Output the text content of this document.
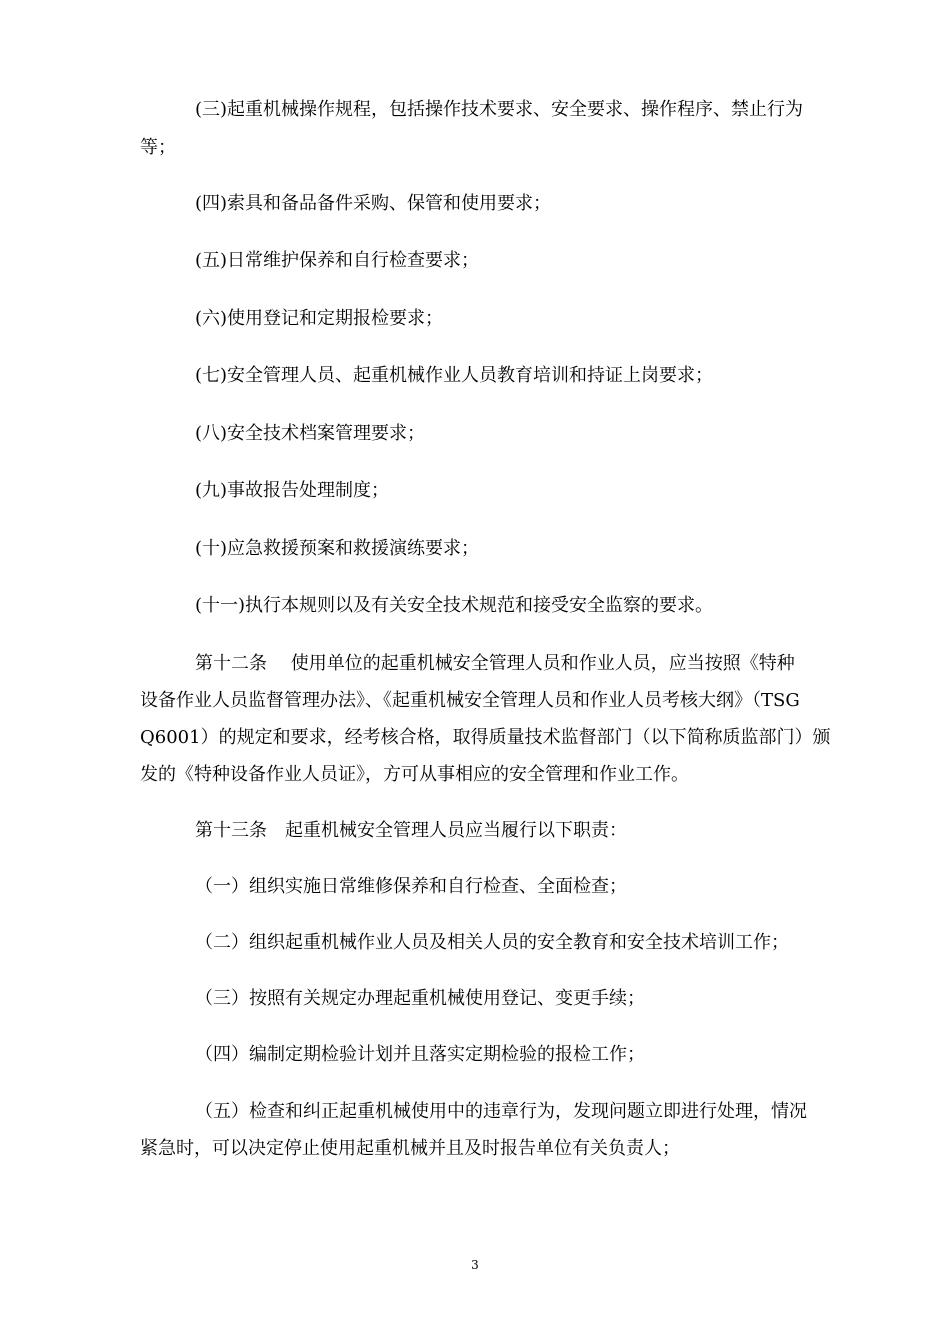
(三)起重机械操作规程，包括操作技术要求、安全要求、操作程序、禁止行为
等；
(四)索具和备品备件采购、保管和使用要求；
(五)日常维护保养和自行检查要求；
(六)使用登记和定期报检要求；
(七)安全管理人员、起重机械作业人员教育培训和持证上岗要求；
(八)安全技术档案管理要求；
(九)事故报告处理制度；
(十)应急救援预案和救援演练要求；
(十一)执行本规则以及有关安全技术规范和接受安全监察的要求。
第十二条　 使用单位的起重机械安全管理人员和作业人员，应当按照《特种
设备作业人员监督管理办法》、《起重机械安全管理人员和作业人员考核大纲》（TSG
Q6001）的规定和要求，经考核合格，取得质量技术监督部门（以下简称质监部门）颁
发的《特种设备作业人员证》，方可从事相应的安全管理和作业工作。
第十三条　起重机械安全管理人员应当履行以下职责：
（一）组织实施日常维修保养和自行检查、全面检查；
（二）组织起重机械作业人员及相关人员的安全教育和安全技术培训工作；
（三）按照有关规定办理起重机械使用登记、变更手续；
（四）编制定期检验计划并且落实定期检验的报检工作；
（五）检查和纠正起重机械使用中的违章行为，发现问题立即进行处理，情况
紧急时，可以决定停止使用起重机械并且及时报告单位有关负责人；
3
